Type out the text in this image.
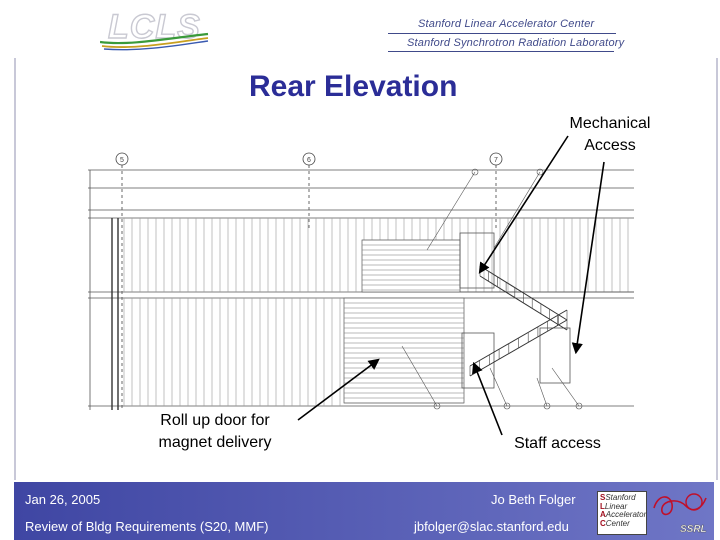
LCLS	Stanford Linear Accelerator Center
Stanford Synchrotron Radiation Laboratory
Rear Elevation
5	6	7
Mechanical
Access
Roll up door for
magnet delivery	Staff access
Jan 26, 2005
Review of Bldg Requirements (S20, MMF)
Jo Beth Folger
jbfolger@slac.stanford.edu
SStanford
LLinear
AAccelerator
CCenter
SSRL
